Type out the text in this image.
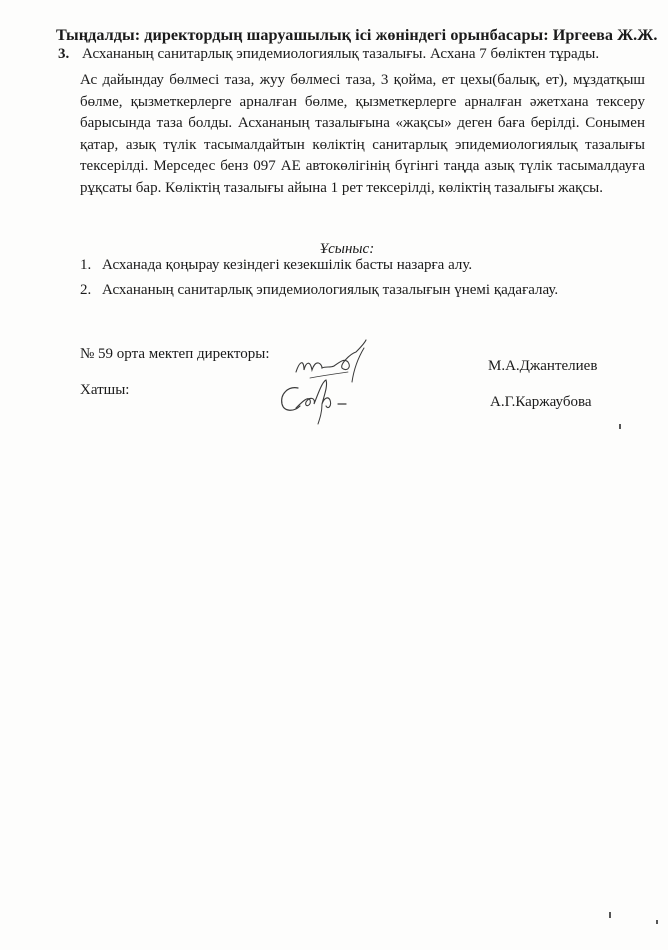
Тыңдалды: директордың шаруашылық ісі жөніндегі орынбасары: Иргеева Ж.Ж.
3. Асхананың санитарлық эпидемиологиялық тазалығы. Асхана 7 бөліктен тұрады.
Ас дайындау бөлмесі таза, жуу бөлмесі таза, 3 қойма, ет цехы(балық, ет), мұздатқыш бөлме, қызметкерлерге арналған бөлме, қызметкерлерге арналған әжетхана тексеру барысында таза болды. Асхананың тазалығына «жақсы» деген баға берілді. Сонымен қатар, азық түлік тасымалдайтын көліктің санитарлық эпидемиологиялық тазалығы тексерілді. Мерседес бенз 097 АЕ автокөлігінің бүгінгі таңда азық түлік тасымалдауға рұқсаты бар. Көліктің тазалығы айына 1 рет тексерілді, көліктің тазалығы жақсы.
Ұсыныс:
1. Асханада қоңырау кезіндегі кезекшілік басты назарға алу.
2. Асхананың санитарлық эпидемиологиялық тазалығын үнемі қадағалау.
№ 59 орта мектеп директоры:
Хатшы:
М.А.Джантелиев
А.Г.Каржаубова
